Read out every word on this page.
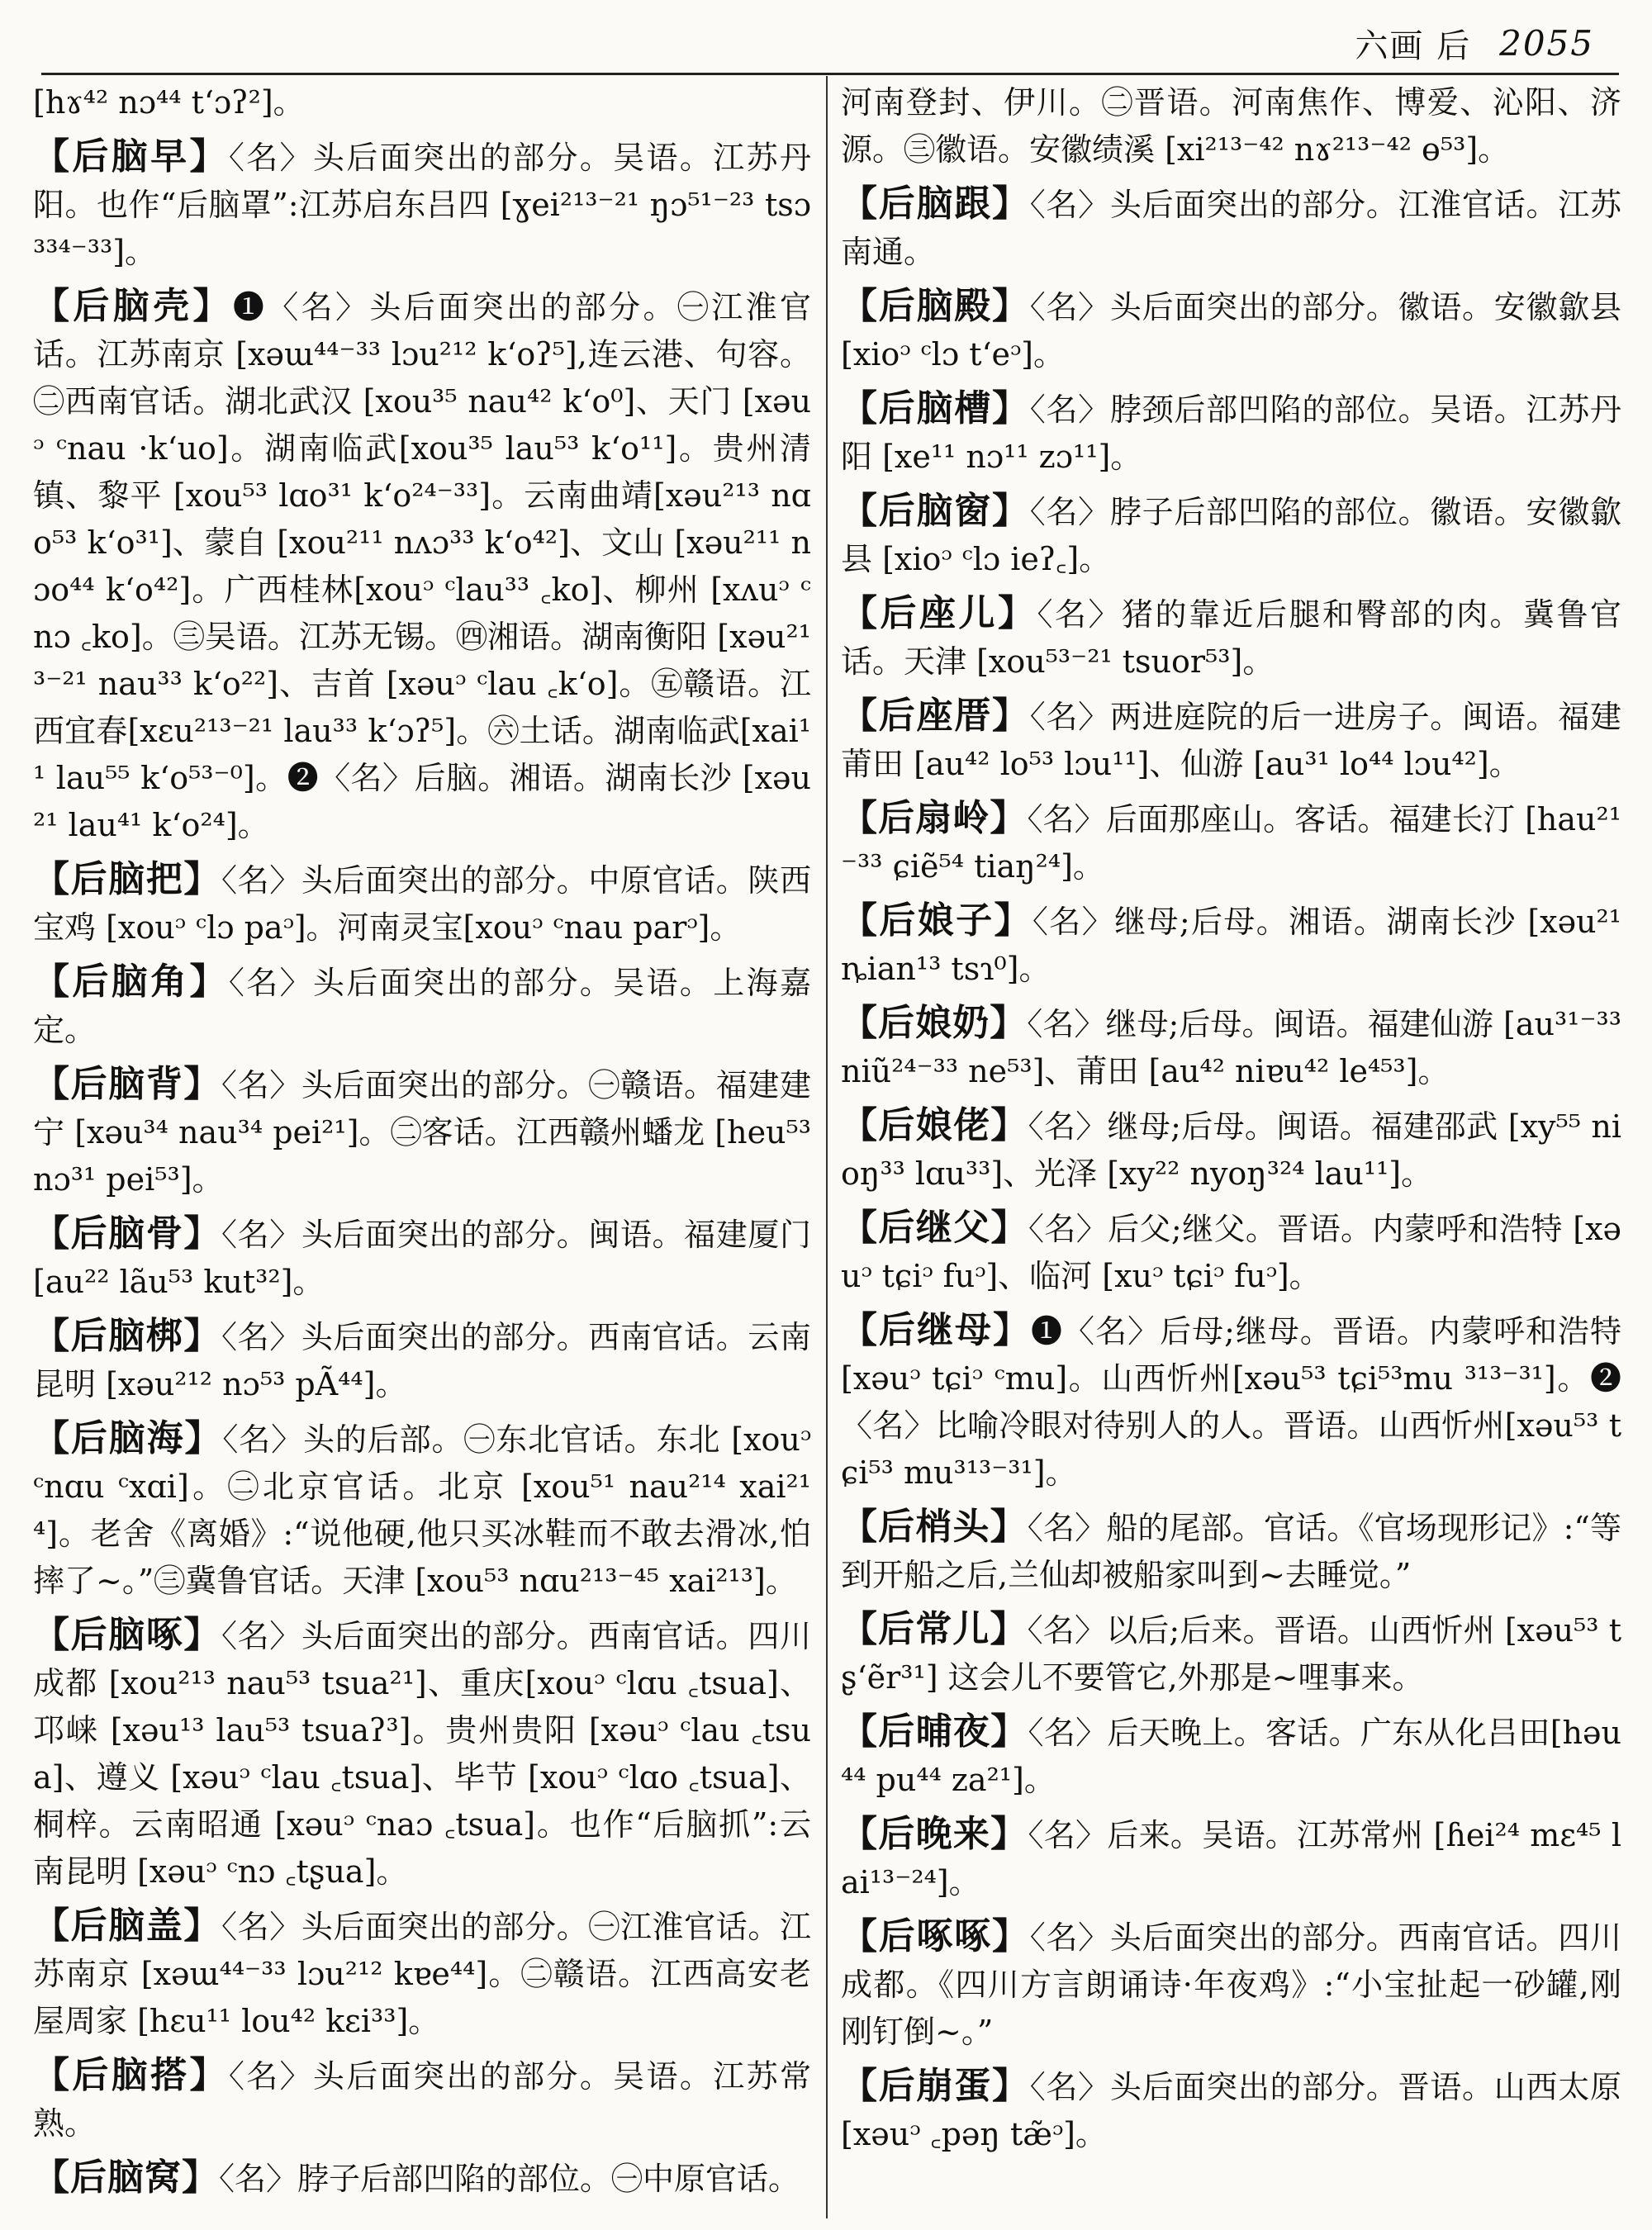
六画 后 2055
[hɤ⁴² nɔ⁴⁴ tʻɔʔ²]。
【后脑早】〈名〉头后面突出的部分。吴语。江苏丹阳。也作“后脑罩”:江苏启东吕四 [ɣei²¹³⁻²¹ ŋɔ⁵¹⁻²³ tsɔ³³⁴⁻³³]。
【后脑壳】❶〈名〉头后面突出的部分。㊀江淮官话。江苏南京 [xəɯ⁴⁴⁻³³ lɔu²¹² kʻoʔ⁵],连云港、句容。㊁西南官话。湖北武汉 [xou³⁵ nau⁴² kʻo⁰]、天门 [xəuᵓ ᶜnau ·kʻuo]。湖南临武[xou³⁵ lau⁵³ kʻo¹¹]。贵州清镇、黎平 [xou⁵³ lɑo³¹ kʻo²⁴⁻³³]。云南曲靖[xəu²¹³ nɑo⁵³ kʻo³¹]、蒙自 [xou²¹¹ nʌɔ³³ kʻo⁴²]、文山 [xəu²¹¹ nɔo⁴⁴ kʻo⁴²]。广西桂林[xouᵓ ᶜlau³³ ꜀ko]、柳州 [xʌuᵓ ᶜnɔ ꜀ko]。㊂吴语。江苏无锡。㊃湘语。湖南衡阳 [xəu²¹³⁻²¹ nau³³ kʻo²²]、吉首 [xəuᵓ ᶜlau ꜀kʻo]。㊄赣语。江西宜春[xɛu²¹³⁻²¹ lau³³ kʻɔʔ⁵]。㊅土话。湖南临武[xai¹¹ lau⁵⁵ kʻo⁵³⁻⁰]。❷〈名〉后脑。湘语。湖南长沙 [xəu²¹ lau⁴¹ kʻo²⁴]。
【后脑把】〈名〉头后面突出的部分。中原官话。陕西宝鸡 [xouᵓ ᶜlɔ paᵓ]。河南灵宝[xouᵓ ᶜnau parᵓ]。
【后脑角】〈名〉头后面突出的部分。吴语。上海嘉定。
【后脑背】〈名〉头后面突出的部分。㊀赣语。福建建宁 [xəu³⁴ nau³⁴ pei²¹]。㊁客话。江西赣州蟠龙 [heu⁵³ nɔ³¹ pei⁵³]。
【后脑骨】〈名〉头后面突出的部分。闽语。福建厦门 [au²² lãu⁵³ kut³²]。
【后脑梆】〈名〉头后面突出的部分。西南官话。云南昆明 [xəu²¹² nɔ⁵³ pÃ⁴⁴]。
【后脑海】〈名〉头的后部。㊀东北官话。东北 [xouᵓ ᶜnɑu ᶜxɑi]。㊁北京官话。北京 [xou⁵¹ nau²¹⁴ xai²¹⁴]。老舍《离婚》:“说他硬,他只买冰鞋而不敢去滑冰,怕摔了~。”㊂冀鲁官话。天津 [xou⁵³ nɑu²¹³⁻⁴⁵ xai²¹³]。
【后脑啄】〈名〉头后面突出的部分。西南官话。四川成都 [xou²¹³ nau⁵³ tsua²¹]、重庆[xouᵓ ᶜlɑu ꜀tsua]、邛崃 [xəu¹³ lau⁵³ tsuaʔ³]。贵州贵阳 [xəuᵓ ᶜlau ꜀tsua]、遵义 [xəuᵓ ᶜlau ꜀tsua]、毕节 [xouᵓ ᶜlɑo ꜀tsua]、桐梓。云南昭通 [xəuᵓ ᶜnaɔ ꜀tsua]。也作“后脑抓”:云南昆明 [xəuᵓ ᶜnɔ ꜀tʂua]。
【后脑盖】〈名〉头后面突出的部分。㊀江淮官话。江苏南京 [xəɯ⁴⁴⁻³³ lɔu²¹² kɐe⁴⁴]。㊁赣语。江西高安老屋周家 [hɛu¹¹ lou⁴² kɛi³³]。
【后脑搭】〈名〉头后面突出的部分。吴语。江苏常熟。
【后脑窝】〈名〉脖子后部凹陷的部位。㊀中原官话。
河南登封、伊川。㊁晋语。河南焦作、博爱、沁阳、济源。㊂徽语。安徽绩溪 [xi²¹³⁻⁴² nɤ²¹³⁻⁴² ɵ⁵³]。
【后脑跟】〈名〉头后面突出的部分。江淮官话。江苏南通。
【后脑殿】〈名〉头后面突出的部分。徽语。安徽歙县 [xioᵓ ᶜlɔ tʻeᵓ]。
【后脑槽】〈名〉脖颈后部凹陷的部位。吴语。江苏丹阳 [xe¹¹ nɔ¹¹ zɔ¹¹]。
【后脑窗】〈名〉脖子后部凹陷的部位。徽语。安徽歙县 [xioᵓ ᶜlɔ ieʔ꜀]。
【后座儿】〈名〉猪的靠近后腿和臀部的肉。冀鲁官话。天津 [xou⁵³⁻²¹ tsuor⁵³]。
【后座厝】〈名〉两进庭院的后一进房子。闽语。福建莆田 [au⁴² lo⁵³ lɔu¹¹]、仙游 [au³¹ lo⁴⁴ lɔu⁴²]。
【后扇岭】〈名〉后面那座山。客话。福建长汀 [hau²¹⁻³³ ɕiẽ⁵⁴ tiaŋ²⁴]。
【后娘子】〈名〉继母;后母。湘语。湖南长沙 [xəu²¹ ȵian¹³ tsɿ⁰]。
【后娘奶】〈名〉继母;后母。闽语。福建仙游 [au³¹⁻³³ niũ²⁴⁻³³ ne⁵³]、莆田 [au⁴² niɐu⁴² le⁴⁵³]。
【后娘佬】〈名〉继母;后母。闽语。福建邵武 [xy⁵⁵ nioŋ³³ lɑu³³]、光泽 [xy²² nyoŋ³²⁴ lau¹¹]。
【后继父】〈名〉后父;继父。晋语。内蒙呼和浩特 [xəuᵓ tɕiᵓ fuᵓ]、临河 [xuᵓ tɕiᵓ fuᵓ]。
【后继母】❶〈名〉后母;继母。晋语。内蒙呼和浩特 [xəuᵓ tɕiᵓ ᶜmu]。山西忻州[xəu⁵³ tɕi⁵³mu ³¹³⁻³¹]。❷〈名〉比喻冷眼对待别人的人。晋语。山西忻州[xəu⁵³ tɕi⁵³ mu³¹³⁻³¹]。
【后梢头】〈名〉船的尾部。官话。《官场现形记》:“等到开船之后,兰仙却被船家叫到~去睡觉。”
【后常儿】〈名〉以后;后来。晋语。山西忻州 [xəu⁵³ tʂʻẽr³¹] 这会儿不要管它,外那是~哩事来。
【后晡夜】〈名〉后天晚上。客话。广东从化吕田[həu⁴⁴ pu⁴⁴ za²¹]。
【后晚来】〈名〉后来。吴语。江苏常州 [ɦei²⁴ mɛ⁴⁵ lai¹³⁻²⁴]。
【后啄啄】〈名〉头后面突出的部分。西南官话。四川成都。《四川方言朗诵诗·年夜鸡》:“小宝扯起一砂罐,刚刚钉倒~。”
【后崩蛋】〈名〉头后面突出的部分。晋语。山西太原 [xəuᵓ ꜀pəŋ tæ̃ᵓ]。
